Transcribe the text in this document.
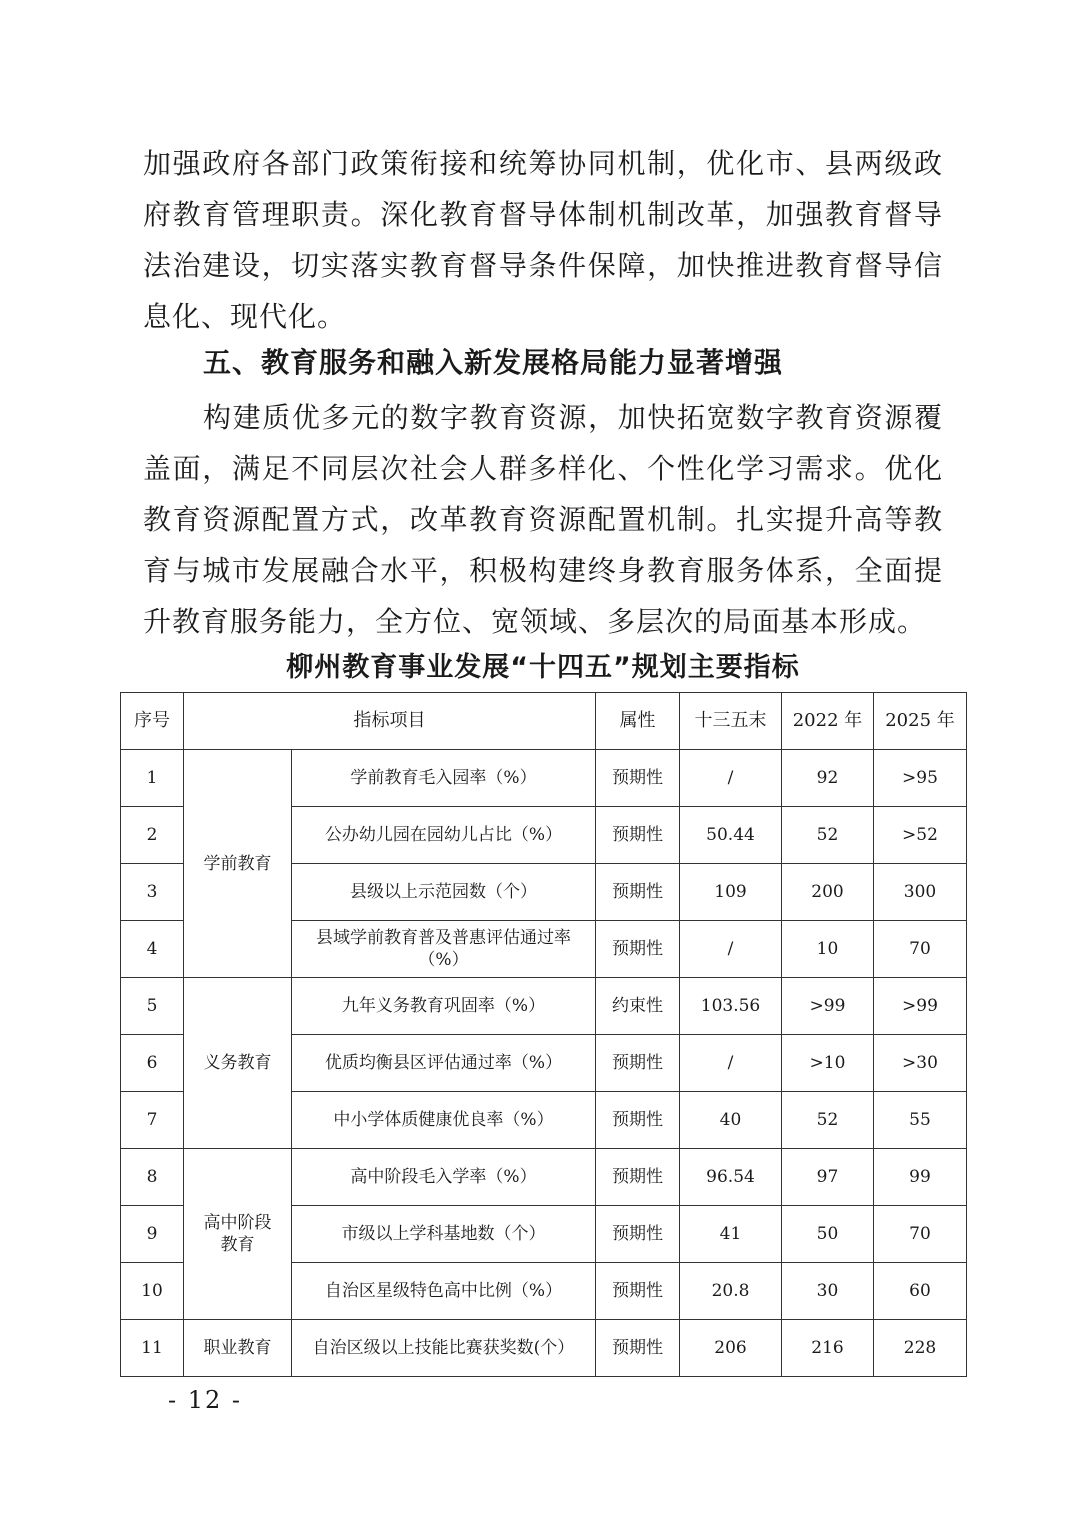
加强政府各部门政策衔接和统筹协同机制，优化市、县两级政府教育管理职责。深化教育督导体制机制改革，加强教育督导法治建设，切实落实教育督导条件保障，加快推进教育督导信息化、现代化。

五、教育服务和融入新发展格局能力显著增强

构建质优多元的数字教育资源，加快拓宽数字教育资源覆盖面，满足不同层次社会人群多样化、个性化学习需求。优化教育资源配置方式，改革教育资源配置机制。扎实提升高等教育与城市发展融合水平，积极构建终身教育服务体系，全面提升教育服务能力，全方位、宽领域、多层次的局面基本形成。

柳州教育事业发展“十四五”规划主要指标
序号	指标项目		属性	十三五末	2022 年	2025 年
1	学前教育	学前教育毛入园率（%）	预期性	/	92	>95
2		公办幼儿园在园幼儿占比（%）	预期性	50.44	52	>52
3		县级以上示范园数（个）	预期性	109	200	300
4		县域学前教育普及普惠评估通过率（%）	预期性	/	10	70
5	义务教育	九年义务教育巩固率（%）	约束性	103.56	>99	>99
6		优质均衡县区评估通过率（%）	预期性	/	>10	>30
7		中小学体质健康优良率（%）	预期性	40	52	55
8	高中阶段教育	高中阶段毛入学率（%）	预期性	96.54	97	99
9		市级以上学科基地数（个）	预期性	41	50	70
10		自治区星级特色高中比例（%）	预期性	20.8	30	60
11	职业教育	自治区级以上技能比赛获奖数(个）	预期性	206	216	228

- 12 -
